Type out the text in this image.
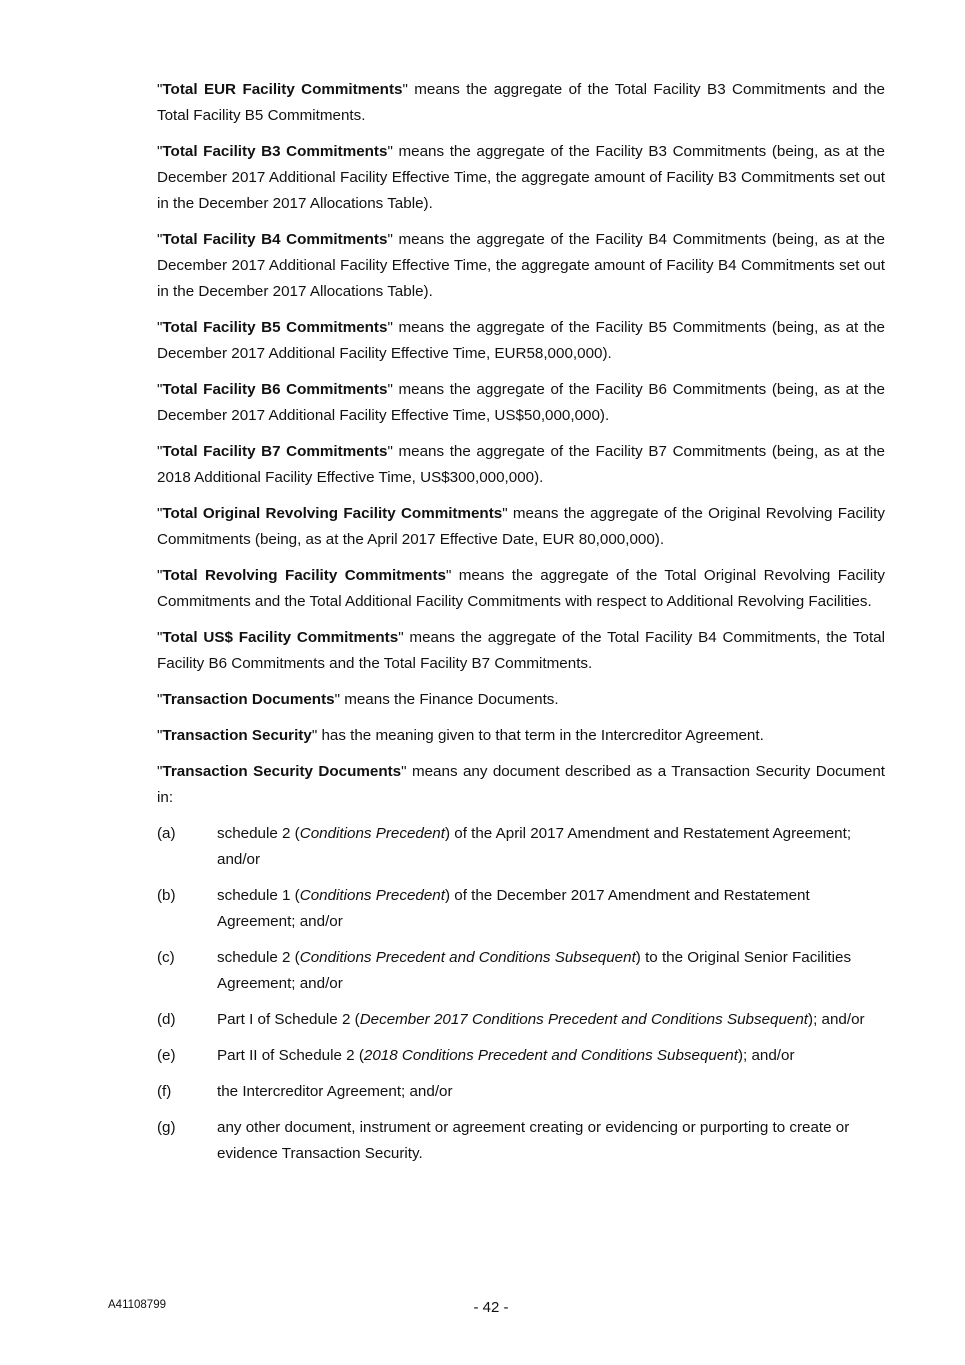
"Total EUR Facility Commitments" means the aggregate of the Total Facility B3 Commitments and the Total Facility B5 Commitments.

"Total Facility B3 Commitments" means the aggregate of the Facility B3 Commitments (being, as at the December 2017 Additional Facility Effective Time, the aggregate amount of Facility B3 Commitments set out in the December 2017 Allocations Table).

"Total Facility B4 Commitments" means the aggregate of the Facility B4 Commitments (being, as at the December 2017 Additional Facility Effective Time, the aggregate amount of Facility B4 Commitments set out in the December 2017 Allocations Table).

"Total Facility B5 Commitments" means the aggregate of the Facility B5 Commitments (being, as at the December 2017 Additional Facility Effective Time, EUR58,000,000).

"Total Facility B6 Commitments" means the aggregate of the Facility B6 Commitments (being, as at the December 2017 Additional Facility Effective Time, US$50,000,000).

"Total Facility B7 Commitments" means the aggregate of the Facility B7 Commitments (being, as at the 2018 Additional Facility Effective Time, US$300,000,000).

"Total Original Revolving Facility Commitments" means the aggregate of the Original Revolving Facility Commitments (being, as at the April 2017 Effective Date, EUR 80,000,000).

"Total Revolving Facility Commitments" means the aggregate of the Total Original Revolving Facility Commitments and the Total Additional Facility Commitments with respect to Additional Revolving Facilities.

"Total US$ Facility Commitments" means the aggregate of the Total Facility B4 Commitments, the Total Facility B6 Commitments and the Total Facility B7 Commitments.

"Transaction Documents" means the Finance Documents.

"Transaction Security" has the meaning given to that term in the Intercreditor Agreement.

"Transaction Security Documents" means any document described as a Transaction Security Document in:

(a)	schedule 2 (Conditions Precedent) of the April 2017 Amendment and Restatement Agreement; and/or
(b)	schedule 1 (Conditions Precedent) of the December 2017 Amendment and Restatement Agreement; and/or
(c)	schedule 2 (Conditions Precedent and Conditions Subsequent) to the Original Senior Facilities Agreement; and/or
(d)	Part I of Schedule 2 (December 2017 Conditions Precedent and Conditions Subsequent); and/or
(e)	Part II of Schedule 2 (2018 Conditions Precedent and Conditions Subsequent); and/or
(f)	the Intercreditor Agreement; and/or
(g)	any other document, instrument or agreement creating or evidencing or purporting to create or evidence Transaction Security.
A41108799	- 42 -
